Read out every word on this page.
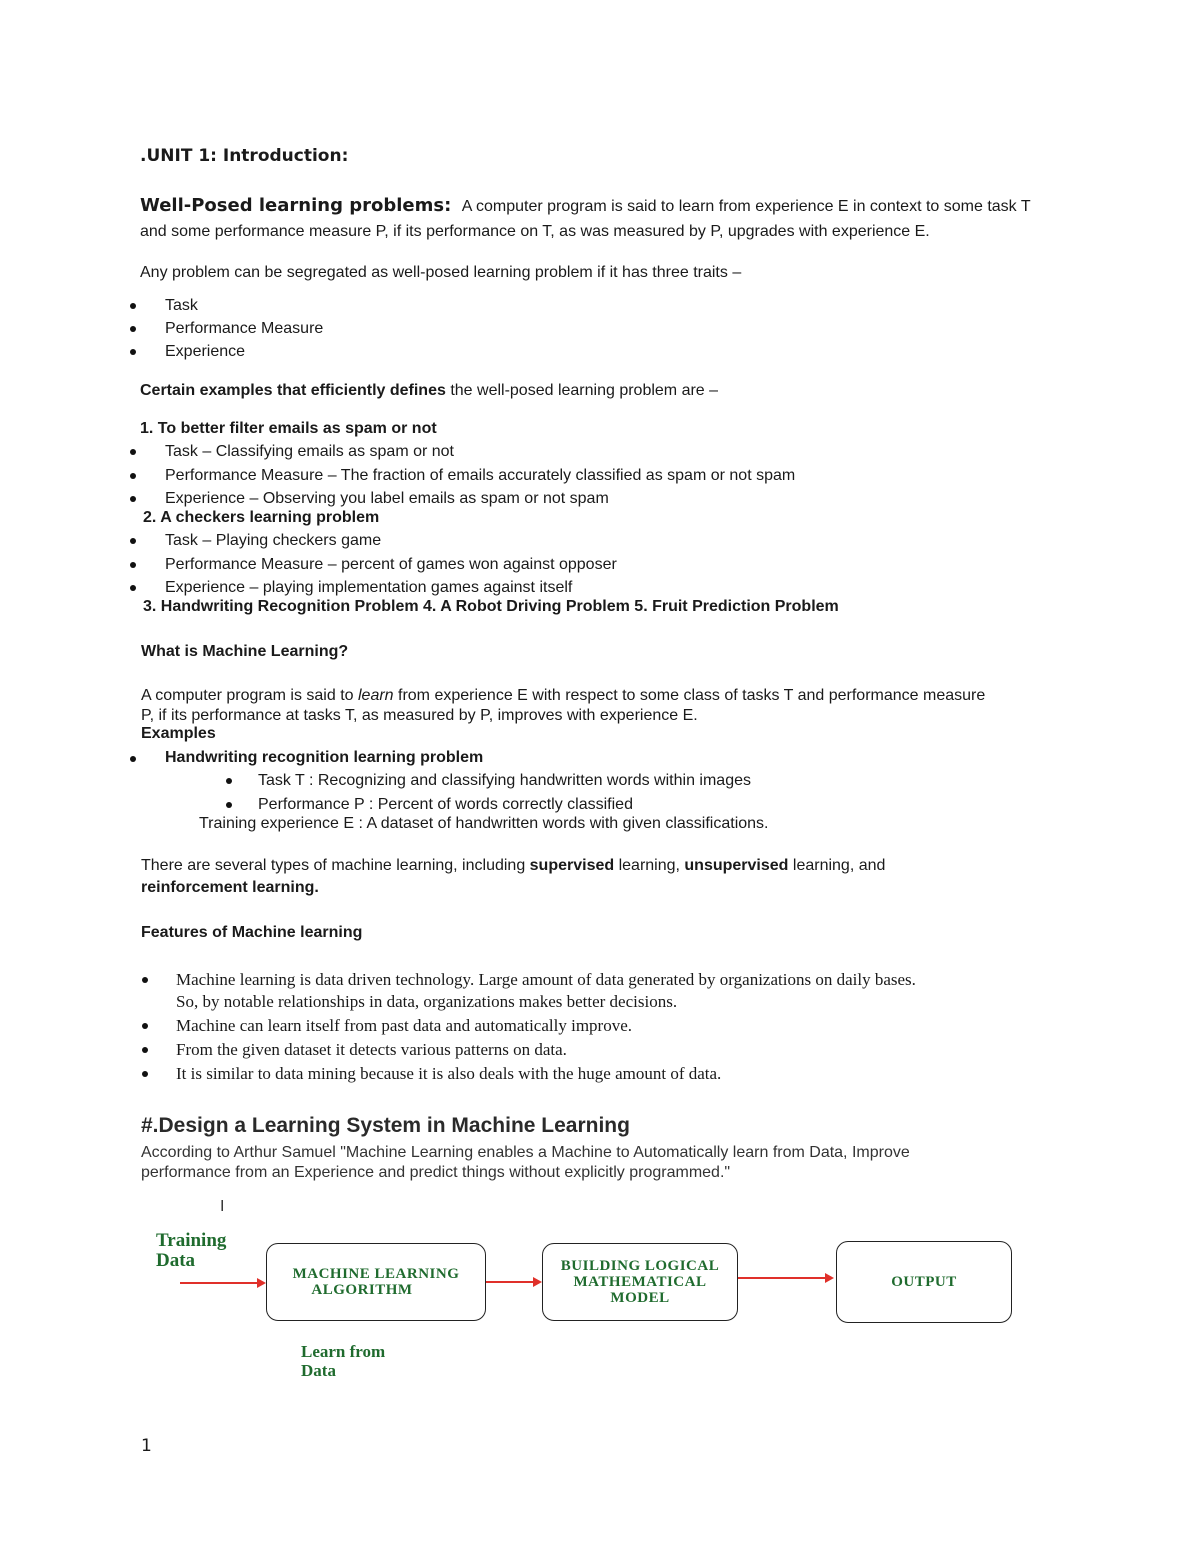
.UNIT 1: Introduction:
Well-Posed learning problems: A computer program is said to learn from experience E in context to some task T
and some performance measure P, if its performance on T, as was measured by P, upgrades with experience E.
Any problem can be segregated as well-posed learning problem if it has three traits –
Task
Performance Measure
Experience
Certain examples that efficiently defines the well-posed learning problem are –
1. To better filter emails as spam or not
Task – Classifying emails as spam or not
Performance Measure – The fraction of emails accurately classified as spam or not spam
Experience – Observing you label emails as spam or not spam
2. A checkers learning problem
Task – Playing checkers game
Performance Measure – percent of games won against opposer
Experience – playing implementation games against itself
3. Handwriting Recognition Problem 4. A Robot Driving Problem 5. Fruit Prediction Problem
What is Machine Learning?
A computer program is said to learn from experience E with respect to some class of tasks T and performance measure
P, if its performance at tasks T, as measured by P, improves with experience E.
Examples
Handwriting recognition learning problem
Task T : Recognizing and classifying handwritten words within images
Performance P : Percent of words correctly classified
Training experience E : A dataset of handwritten words with given classifications.
There are several types of machine learning, including supervised learning, unsupervised learning, and
reinforcement learning.
Features of Machine learning
Machine learning is data driven technology. Large amount of data generated by organizations on daily bases.
So, by notable relationships in data, organizations makes better decisions.
Machine can learn itself from past data and automatically improve.
From the given dataset it detects various patterns on data.
It is similar to data mining because it is also deals with the huge amount of data.
#.Design a Learning System in Machine Learning
According to Arthur Samuel "Machine Learning enables a Machine to Automatically learn from Data, Improve
performance from an Experience and predict things without explicitly programmed."
I
Training
Data
MACHINE LEARNING
ALGORITHM
BUILDING LOGICAL
MATHEMATICAL
MODEL
OUTPUT
Learn from
Data
1
